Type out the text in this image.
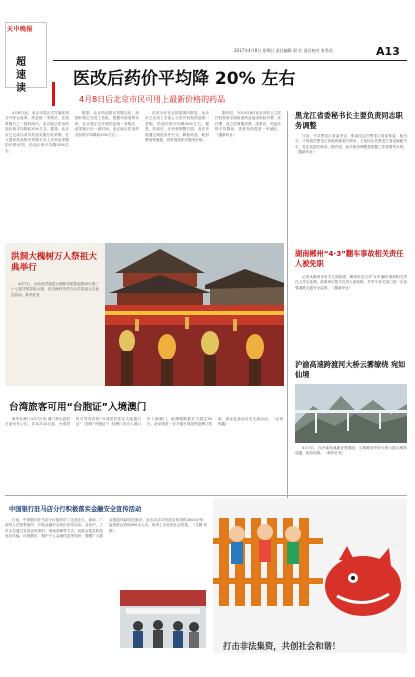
天中晚报
超速读
2017年4月8日 星期日 责任编辑 蔚 红 责任校对 张秀君	A13
医改后药价平均降 20% 左右
4月8日后北京市民可用上最新价格的药品

4月8日起，北京市将正式实施医药分开综合改革。药品统一采购后，在改革施行之一段时间内，北京地区医用药品价格平均降低20%左右。据悉，北京市已完成以来对药品实施分类采购、在与国家药品集中采购平台上对药品采购的价格谈判，药品价格平均降20%左右。

据悉，北京药品阳光采购以后，前期价格已完成了首批。根据市政府的安排，北京将正式开展药品统一采购后，改革施行后一段时间，北京地区医用药品价格平均降低20%左右。

医药分开在全国范围内推进，北京市已完成了全部公立医疗机构药品统一采购，药品价格平均降20%左右。据悉，医改后，在价格调整方面，北京市将通过规范诊疗行为，降低药品、耗材费用等措施，同时提高医疗服务价格。

据介绍，今年4月8日北京市的公立医疗机构将全面取消药品加成和挂号费、诊疗费，设立医事服务费。改革后，药品价格平均降低，患者负担将进一步减轻。（据新华社）

黑龙江省委秘书长主要负责同志职务调整

日前，中共黑龙江省委决定：张某同志任黑龙江省委常委、秘书长，不再担任黑龙江省政府副省长职务；王某同志任黑龙江省委副秘书长，免去其原任职务。据介绍，此次职务调整是根据工作需要作出的。（据新华社）

湖南郴州“4·3”翻车事故相关责任人被免职

记者从郴州市有关方面获悉，郴州市近日对“4·3”翻车事故相关责任人作出处理，涉事单位相关负责人被免职，并责令有关部门进一步加强道路交通安全监管。（据新华社）

沪渝高速跨渡河大桥云雾缭绕 宛如仙境

4月7日，在沪渝高速湖北恩施段，云雾缭绕中的大桥与群山相映成趣，宛如仙境。（新华社发）

洪洞大槐树万人祭祖大典举行

4月7日，山西省洪洞县大槐树寻根祭祖园举行第二十七届寻根祭祖大典，来自海内外的万余名祭祖人员参加活动。新华社发

台湾旅客可用“台胞证”入境澳门

新华社澳门4月7日电 澳门特区政府日前发布公告，自本月10日起，台湾居民可凭有效的“台湾居民来往大陆通行证”（俗称“台胞证”）经澳门各出入境口岸入境澳门，留澳期限最长不超过30日。此举将进一步方便台湾居民赴澳门旅游、探亲及参加各类交流活动。（记者 郭鑫）

中国银行驻马店分行积极落实金融安全宣传活动

日前，中国银行驻马店分行组织员工走进社区、商场、广场等人员密集场所，开展金融安全知识宣传活动。活动中，工作人员通过发放宣传资料、现场讲解等方式，向群众普及防范电信诈骗、识别假币、保护个人金融信息等知识，提醒广大群众提高风险防范意识。此次活动共发放宣传资料2000余份，接受群众咨询300余人次，取得了良好的社会效果。（尤静 刘群）

打击非法集资，共创社会和谐！
